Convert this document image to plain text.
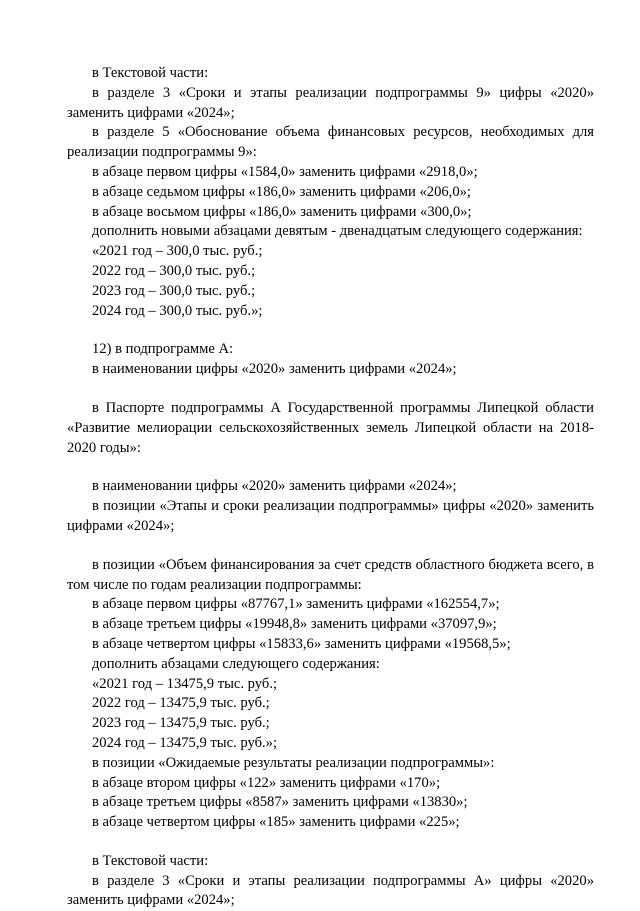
в Текстовой части:

в разделе 3 «Сроки и этапы реализации подпрограммы 9» цифры «2020» заменить цифрами «2024»;

в разделе 5 «Обоснование объема финансовых ресурсов, необходимых для реализации подпрограммы 9»:

в абзаце первом цифры «1584,0» заменить цифрами «2918,0»;

в абзаце седьмом цифры «186,0» заменить цифрами «206,0»;

в абзаце восьмом цифры «186,0» заменить цифрами «300,0»;

дополнить новыми абзацами девятым - двенадцатым следующего содержания:

«2021 год – 300,0 тыс. руб.;

2022 год – 300,0 тыс. руб.;

2023 год – 300,0 тыс. руб.;

2024 год – 300,0 тыс. руб.»;

12) в подпрограмме А:

в наименовании цифры «2020» заменить цифрами «2024»;

в Паспорте подпрограммы А Государственной программы Липецкой области «Развитие мелиорации сельскохозяйственных земель Липецкой области на 2018-2020 годы»:

в наименовании цифры «2020» заменить цифрами «2024»;

в позиции «Этапы и сроки реализации подпрограммы» цифры «2020» заменить цифрами «2024»;

в позиции «Объем финансирования за счет средств областного бюджета всего, в том числе по годам реализации подпрограммы:

в абзаце первом цифры «87767,1» заменить цифрами «162554,7»;

в абзаце третьем цифры «19948,8» заменить цифрами «37097,9»;

в абзаце четвертом цифры «15833,6» заменить цифрами «19568,5»;

дополнить абзацами следующего содержания:

«2021 год – 13475,9 тыс. руб.;

2022 год – 13475,9 тыс. руб.;

2023 год – 13475,9 тыс. руб.;

2024 год – 13475,9 тыс. руб.»;

в позиции «Ожидаемые результаты реализации подпрограммы»:

в абзаце втором цифры «122» заменить цифрами «170»;

в абзаце третьем цифры «8587» заменить цифрами «13830»;

в абзаце четвертом цифры «185» заменить цифрами «225»;

в Текстовой части:

в разделе 3 «Сроки и этапы реализации подпрограммы А» цифры «2020» заменить цифрами «2024»;
